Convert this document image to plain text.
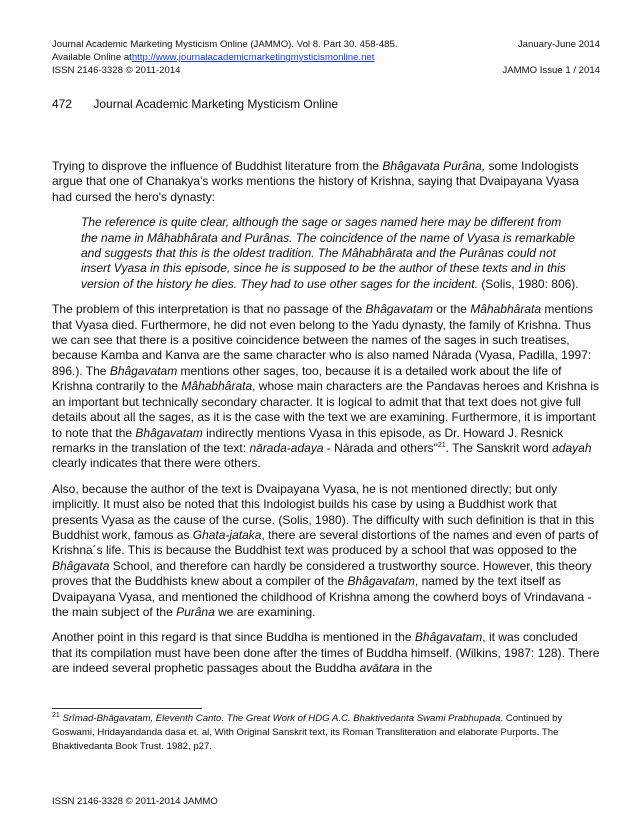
Journal Academic Marketing Mysticism Online (JAMMO). Vol 8. Part 30. 458-485.	January-June 2014
Available Online at http://www.journalacademicmarketingmysticismonline.net
ISSN 2146-3328 © 2011-2014	JAMMO Issue 1 / 2014
472 Journal Academic Marketing Mysticism Online

Trying to disprove the influence of Buddhist literature from the Bhâgavata Purâna, some Indologists argue that one of Chanakya's works mentions the history of Krishna, saying that Dvaipayana Vyasa had cursed the hero's dynasty:

The reference is quite clear, although the sage or sages named here may be different from the name in Mâhabhârata and Purânas. The coincidence of the name of Vyasa is remarkable and suggests that this is the oldest tradition. The Mâhabhârata and the Purânas could not insert Vyasa in this episode, since he is supposed to be the author of these texts and in this version of the history he dies. They had to use other sages for the incident. (Solis, 1980: 806).

The problem of this interpretation is that no passage of the Bhâgavatam or the Mâhabhârata mentions that Vyasa died. Furthermore, he did not even belong to the Yadu dynasty, the family of Krishna. Thus we can see that there is a positive coincidence between the names of the sages in such treatises, because Kamba and Kanva are the same character who is also named Nárada (Vyasa, Padilla, 1997: 896.). The Bhâgavatam mentions other sages, too, because it is a detailed work about the life of Krishna contrarily to the Mâhabhârata, whose main characters are the Pandavas heroes and Krishna is an important but technically secondary character. It is logical to admit that that text does not give full details about all the sages, as it is the case with the text we are examining. Furthermore, it is important to note that the Bhâgavatam indirectly mentions Vyasa in this episode, as Dr. Howard J. Resnick remarks in the translation of the text: nārada-adaya - Nárada and others"$^{21}$. The Sanskrit word adayah clearly indicates that there were others.

Also, because the author of the text is Dvaipayana Vyasa, he is not mentioned directly; but only implicitly. It must also be noted that this Indologist builds his case by using a Buddhist work that presents Vyasa as the cause of the curse. (Solis, 1980). The difficulty with such definition is that in this Buddhist work, famous as Ghata-jataka, there are several distortions of the names and even of parts of Krishna´s life. This is because the Buddhist text was produced by a school that was opposed to the Bhâgavata School, and therefore can hardly be considered a trustworthy source. However, this theory proves that the Buddhists knew about a compiler of the Bhâgavatam, named by the text itself as Dvaipayana Vyasa, and mentioned the childhood of Krishna among the cowherd boys of Vrindavana - the main subject of the Purâna we are examining.

Another point in this regard is that since Buddha is mentioned in the Bhâgavatam, it was concluded that its compilation must have been done after the times of Buddha himself. (Wilkins, 1987: 128). There are indeed several prophetic passages about the Buddha avātara in the

$^{21}$ Srîmad-Bhâgavatam, Eleventh Canto. The Great Work of HDG A.C. Bhaktivedanta Swami Prabhupada. Continued by Goswami, Hridayandanda dasa et. al, With Original Sanskrit text, its Roman Transliteration and elaborate Purports. The Bhaktivedanta Book Trust. 1982, p27.
ISSN 2146-3328 © 2011-2014 JAMMO
